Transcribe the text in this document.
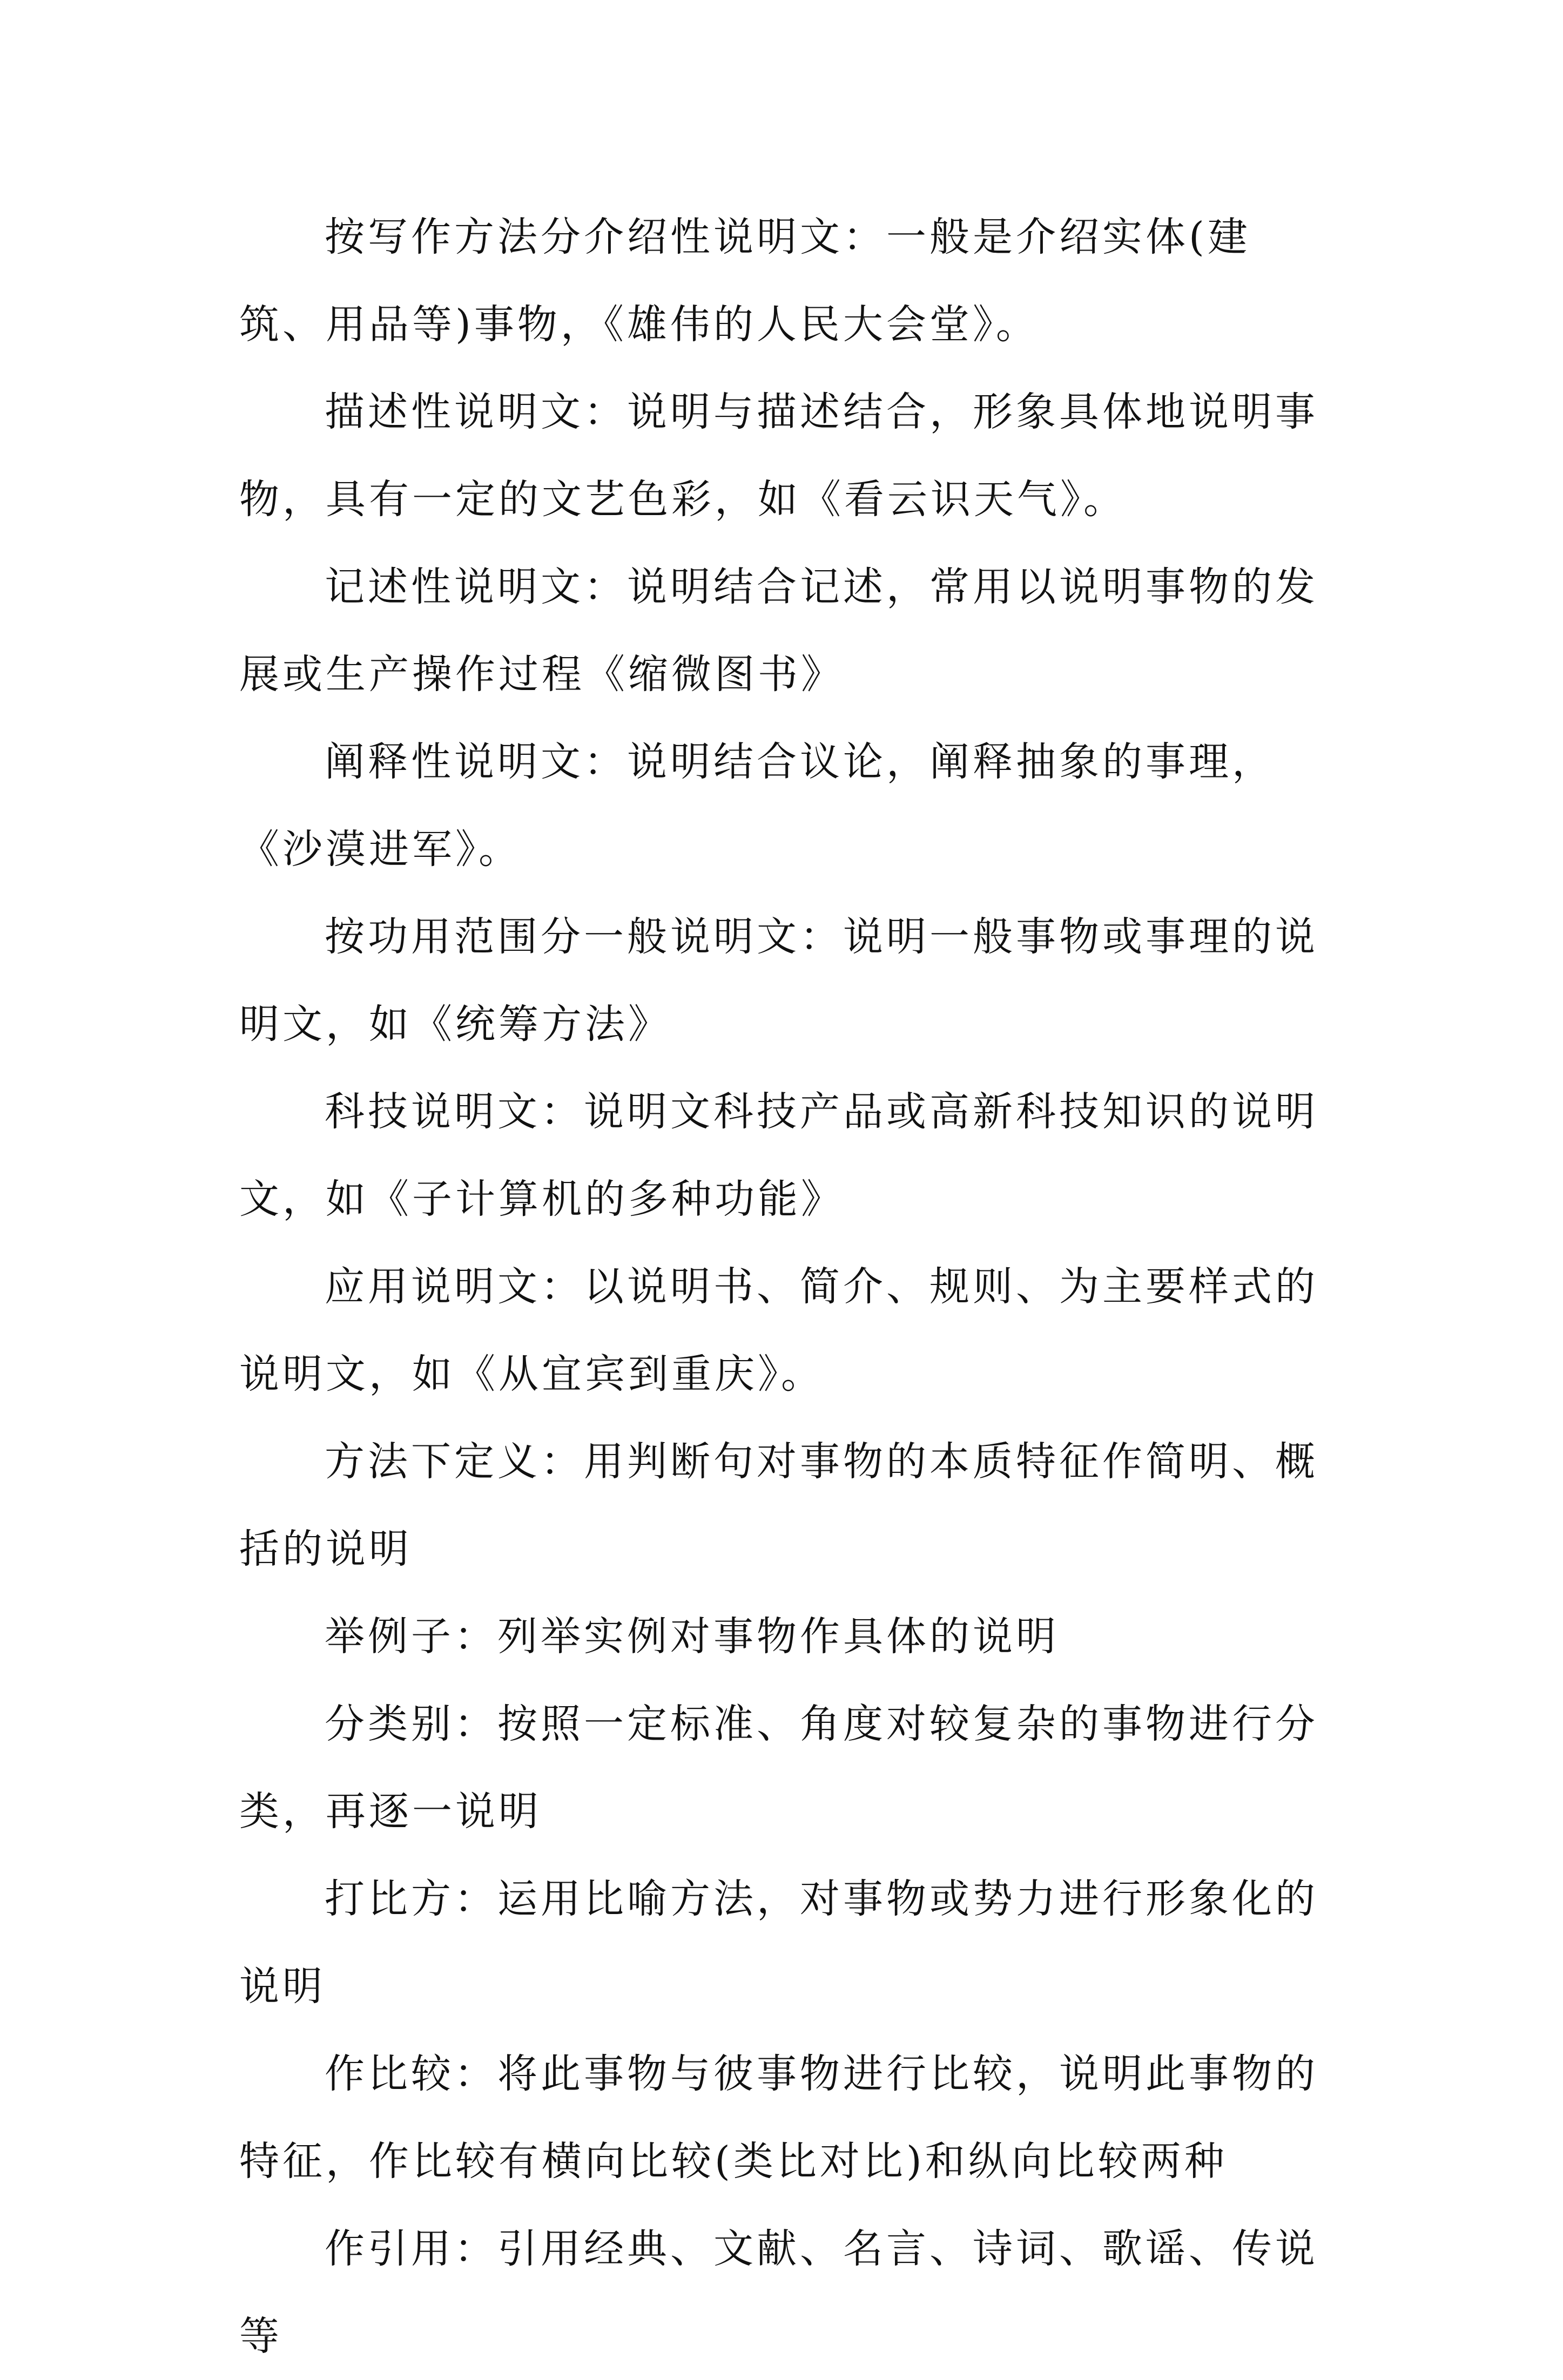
按写作方法分介绍性说明文：一般是介绍实体(建筑、用品等)事物，《雄伟的人民大会堂》。

描述性说明文：说明与描述结合，形象具体地说明事物，具有一定的文艺色彩，如《看云识天气》。

记述性说明文：说明结合记述，常用以说明事物的发展或生产操作过程《缩微图书》

阐释性说明文：说明结合议论，阐释抽象的事理，《沙漠进军》。

按功用范围分一般说明文：说明一般事物或事理的说明文，如《统筹方法》

科技说明文：说明文科技产品或高新科技知识的说明文，如《子计算机的多种功能》

应用说明文：以说明书、简介、规则、为主要样式的说明文，如《从宜宾到重庆》。

方法下定义：用判断句对事物的本质特征作简明、概括的说明

举例子：列举实例对事物作具体的说明

分类别：按照一定标准、角度对较复杂的事物进行分类，再逐一说明

打比方：运用比喻方法，对事物或势力进行形象化的说明

作比较：将此事物与彼事物进行比较，说明此事物的特征，作比较有横向比较(类比对比)和纵向比较两种

作引用：引用经典、文献、名言、诗词、歌谣、传说等
